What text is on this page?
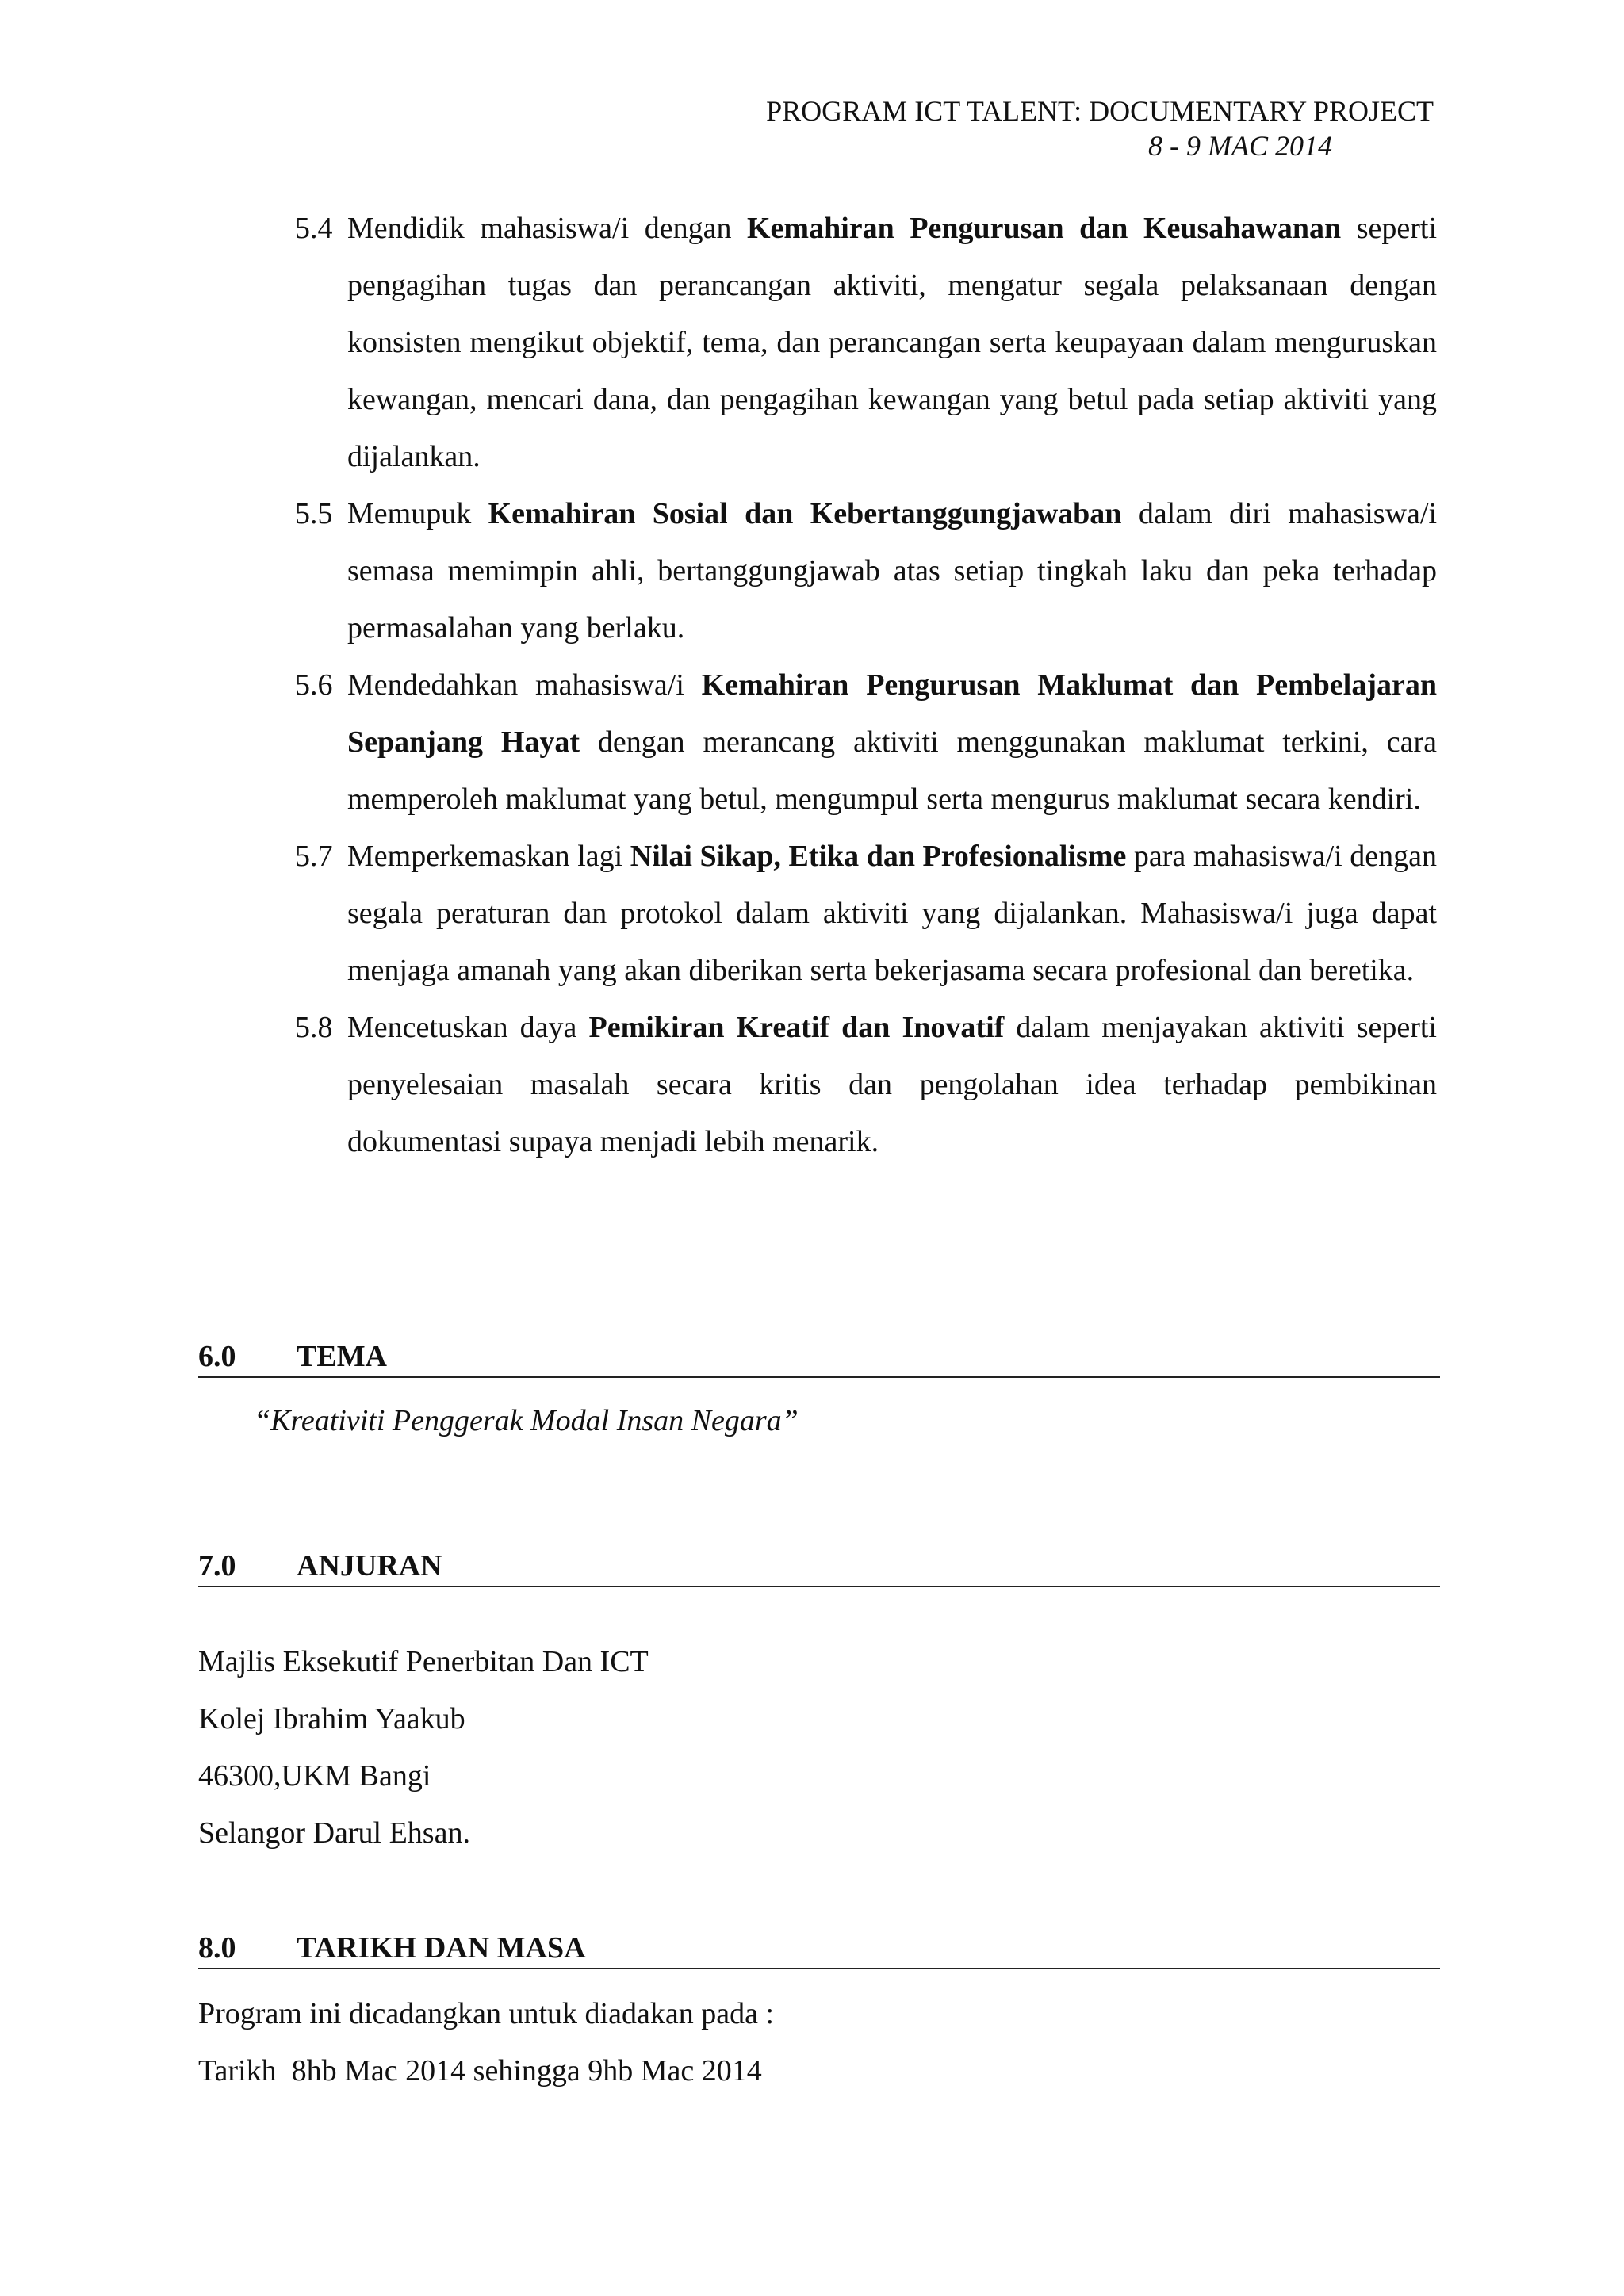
PROGRAM ICT TALENT: DOCUMENTARY PROJECT
8 - 9 MAC 2014
5.4 Mendidik mahasiswa/i dengan Kemahiran Pengurusan dan Keusahawanan seperti pengagihan tugas dan perancangan aktiviti, mengatur segala pelaksanaan dengan konsisten mengikut objektif, tema, dan perancangan serta keupayaan dalam menguruskan kewangan, mencari dana, dan pengagihan kewangan yang betul pada setiap aktiviti yang dijalankan.
5.5 Memupuk Kemahiran Sosial dan Kebertanggungjawaban dalam diri mahasiswa/i semasa memimpin ahli, bertanggungjawab atas setiap tingkah laku dan peka terhadap permasalahan yang berlaku.
5.6 Mendedahkan mahasiswa/i Kemahiran Pengurusan Maklumat dan Pembelajaran Sepanjang Hayat dengan merancang aktiviti menggunakan maklumat terkini, cara memperoleh maklumat yang betul, mengumpul serta mengurus maklumat secara kendiri.
5.7 Memperkemaskan lagi Nilai Sikap, Etika dan Profesionalisme para mahasiswa/i dengan segala peraturan dan protokol dalam aktiviti yang dijalankan. Mahasiswa/i juga dapat menjaga amanah yang akan diberikan serta bekerjasama secara profesional dan beretika.
5.8 Mencetuskan daya Pemikiran Kreatif dan Inovatif dalam menjayakan aktiviti seperti penyelesaian masalah secara kritis dan pengolahan idea terhadap pembikinan dokumentasi supaya menjadi lebih menarik.
6.0	TEMA
“Kreativiti Penggerak Modal Insan Negara”
7.0	ANJURAN
Majlis Eksekutif Penerbitan Dan ICT
Kolej Ibrahim Yaakub
46300,UKM Bangi
Selangor Darul Ehsan.
8.0	TARIKH DAN MASA
Program ini dicadangkan untuk diadakan pada :
Tarikh  8hb Mac 2014 sehingga 9hb Mac 2014
